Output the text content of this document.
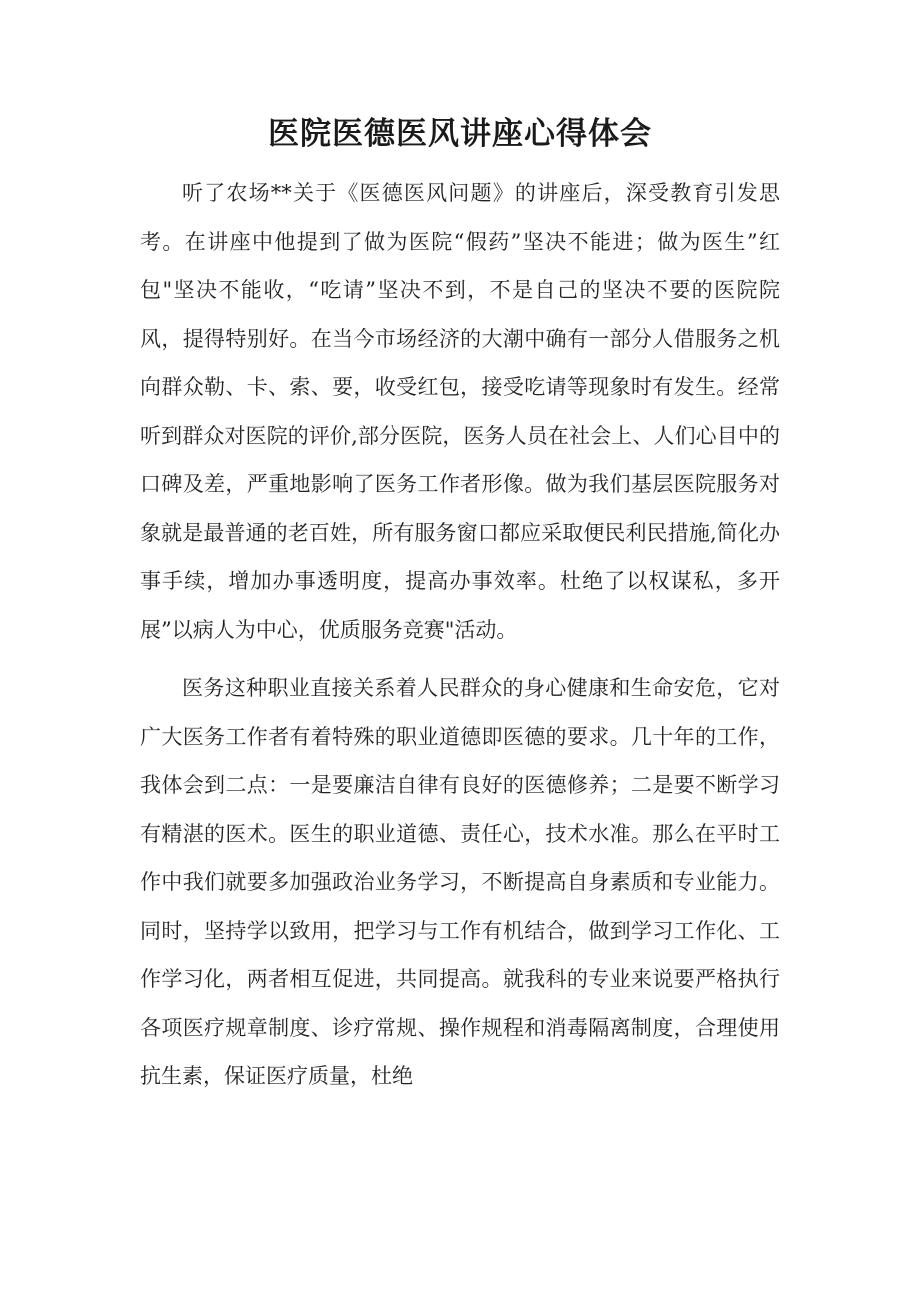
医院医德医风讲座心得体会

听了农场**关于《医德医风问题》的讲座后，深受教育引发思考。在讲座中他提到了做为医院“假药”坚决不能进；做为医生”红包"坚决不能收，“吃请”坚决不到，不是自己的坚决不要的医院院风，提得特别好。在当今市场经济的大潮中确有一部分人借服务之机向群众勒、卡、索、要，收受红包，接受吃请等现象时有发生。经常听到群众对医院的评价,部分医院，医务人员在社会上、人们心目中的口碑及差，严重地影响了医务工作者形像。做为我们基层医院服务对象就是最普通的老百姓，所有服务窗口都应采取便民利民措施,简化办事手续，增加办事透明度，提高办事效率。杜绝了以权谋私，多开展”以病人为中心，优质服务竞赛"活动。

医务这种职业直接关系着人民群众的身心健康和生命安危，它对广大医务工作者有着特殊的职业道德即医德的要求。几十年的工作，我体会到二点：一是要廉洁自律有良好的医德修养；二是要不断学习有精湛的医术。医生的职业道德、责任心，技术水准。那么在平时工作中我们就要多加强政治业务学习，不断提高自身素质和专业能力。同时，坚持学以致用，把学习与工作有机结合，做到学习工作化、工作学习化，两者相互促进，共同提高。就我科的专业来说要严格执行各项医疗规章制度、诊疗常规、操作规程和消毒隔离制度，合理使用抗生素，保证医疗质量，杜绝
